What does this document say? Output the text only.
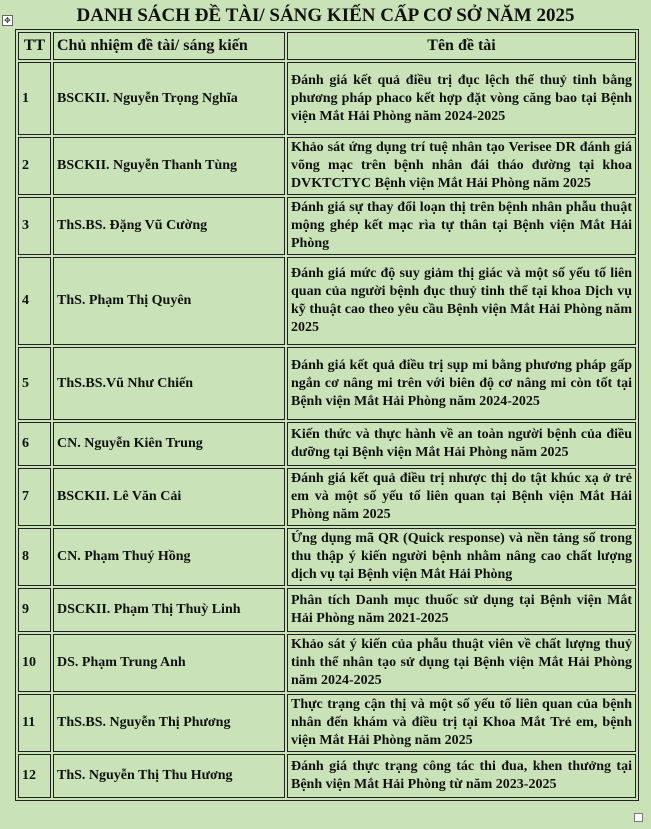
✥	DANH SÁCH ĐỀ TÀI/ SÁNG KIẾN CẤP CƠ SỞ NĂM 2025
TT	Chủ nhiệm đề tài/ sáng kiến	Tên đề tài
1	BSCKII. Nguyễn Trọng Nghĩa	Đánh giá kết quả điều trị đục lệch thể thuỷ tinh bằng phương pháp phaco kết hợp đặt vòng căng bao tại Bệnh viện Mắt Hải Phòng năm 2024-2025
2	BSCKII. Nguyễn Thanh Tùng	Khảo sát ứng dụng trí tuệ nhân tạo Verisee DR đánh giá võng mạc trên bệnh nhân đái tháo đường tại khoa DVKTCTYC Bệnh viện Mắt Hải Phòng năm 2025
3	ThS.BS. Đặng Vũ Cường	Đánh giá sự thay đổi loạn thị trên bệnh nhân phẫu thuật mộng ghép kết mạc rìa tự thân tại Bệnh viện Mắt Hải Phòng
4	ThS. Phạm Thị Quyên	Đánh giá mức độ suy giảm thị giác và một số yếu tố liên quan của người bệnh đục thuỷ tinh thể tại khoa Dịch vụ kỹ thuật cao theo yêu cầu Bệnh viện Mắt Hải Phòng năm 2025
5	ThS.BS.Vũ Như Chiến	Đánh giá kết quả điều trị sụp mi bằng phương pháp gấp ngắn cơ nâng mi trên với biên độ cơ nâng mi còn tốt tại Bệnh viện Mắt Hải Phòng năm 2024-2025
6	CN. Nguyễn Kiên Trung	Kiến thức và thực hành về an toàn người bệnh của điều dưỡng tại Bệnh viện Mắt Hải Phòng năm 2025
7	BSCKII. Lê Văn Cải	Đánh giá kết quả điều trị nhược thị do tật khúc xạ ở trẻ em và một số yếu tố liên quan tại Bệnh viện Mắt Hải Phòng năm 2025
8	CN. Phạm Thuý Hồng	Ứng dụng mã QR (Quick response) và nền tảng số trong thu thập ý kiến người bệnh nhằm nâng cao chất lượng dịch vụ tại Bệnh viện Mắt Hải Phòng
9	DSCKII. Phạm Thị Thuỳ Linh	Phân tích Danh mục thuốc sử dụng tại Bệnh viện Mắt Hải Phòng năm 2021-2025
10	DS. Phạm Trung Anh	Khảo sát ý kiến của phẫu thuật viên về chất lượng thuỷ tinh thể nhân tạo sử dụng tại Bệnh viện Mắt Hải Phòng năm 2024-2025
11	ThS.BS. Nguyễn Thị Phương	Thực trạng cận thị và một số yếu tố liên quan của bệnh nhân đến khám và điều trị tại Khoa Mắt Trẻ em, bệnh viện Mắt Hải Phòng năm 2025
12	ThS. Nguyễn Thị Thu Hương	Đánh giá thực trạng công tác thi đua, khen thưởng tại Bệnh viện Mắt Hải Phòng từ năm 2023-2025
